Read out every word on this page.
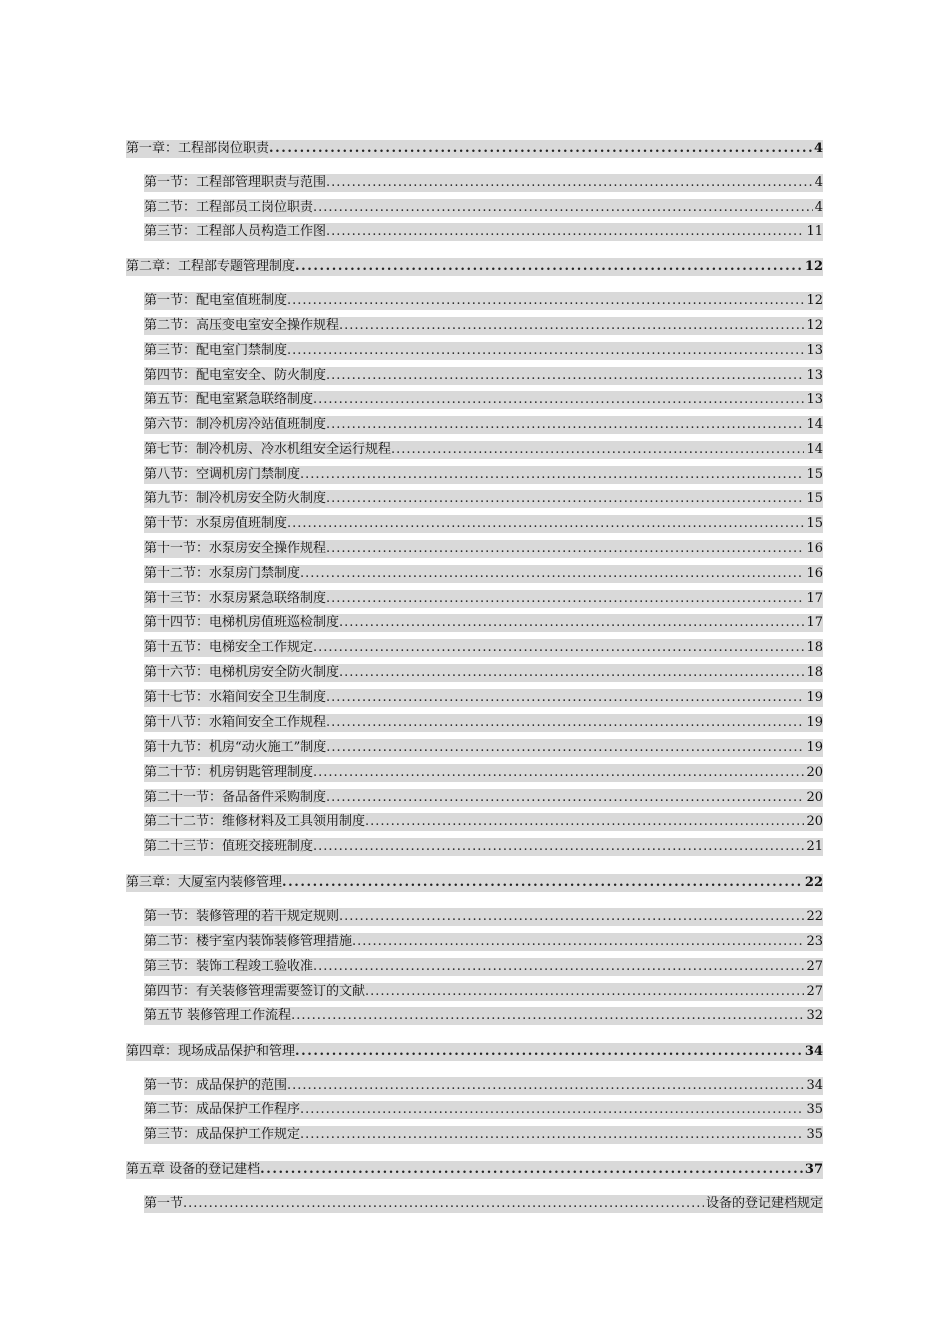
第一章：工程部岗位职责 .....	4
第一节：工程部管理职责与范围 .....	4
第二节：工程部员工岗位职责 .....	4
第三节：工程部人员构造工作图 .....	11
第二章：工程部专题管理制度 .....	12
第一节：配电室值班制度 .....	12
第二节：高压变电室安全操作规程 .....	12
第三节：配电室门禁制度 .....	13
第四节：配电室安全、防火制度 .....	13
第五节：配电室紧急联络制度 .....	13
第六节：制冷机房冷站值班制度 .....	14
第七节：制冷机房、冷水机组安全运行规程 .....	14
第八节：空调机房门禁制度 .....	15
第九节：制冷机房安全防火制度 .....	15
第十节：水泵房值班制度 .....	15
第十一节：水泵房安全操作规程 .....	16
第十二节：水泵房门禁制度 .....	16
第十三节：水泵房紧急联络制度 .....	17
第十四节：电梯机房值班巡检制度 .....	17
第十五节：电梯安全工作规定 .....	18
第十六节：电梯机房安全防火制度 .....	18
第十七节：水箱间安全卫生制度 .....	19
第十八节：水箱间安全工作规程 .....	19
第十九节：机房“动火施工”制度 .....	19
第二十节：机房钥匙管理制度 .....	20
第二十一节：备品备件采购制度 .....	20
第二十二节：维修材料及工具领用制度 .....	20
第二十三节：值班交接班制度 .....	21
第三章：大厦室内装修管理 .....	22
第一节：装修管理的若干规定规则 .....	22
第二节：楼宇室内装饰装修管理措施 .....	23
第三节：装饰工程竣工验收准 .....	27
第四节：有关装修管理需要签订的文献 .....	27
第五节 装修管理工作流程 .....	32
第四章：现场成品保护和管理 .....	34
第一节：成品保护的范围 .....	34
第二节：成品保护工作程序 .....	35
第三节：成品保护工作规定 .....	35
第五章 设备的登记建档 .....	37
第一节 .....	设备的登记建档规定
